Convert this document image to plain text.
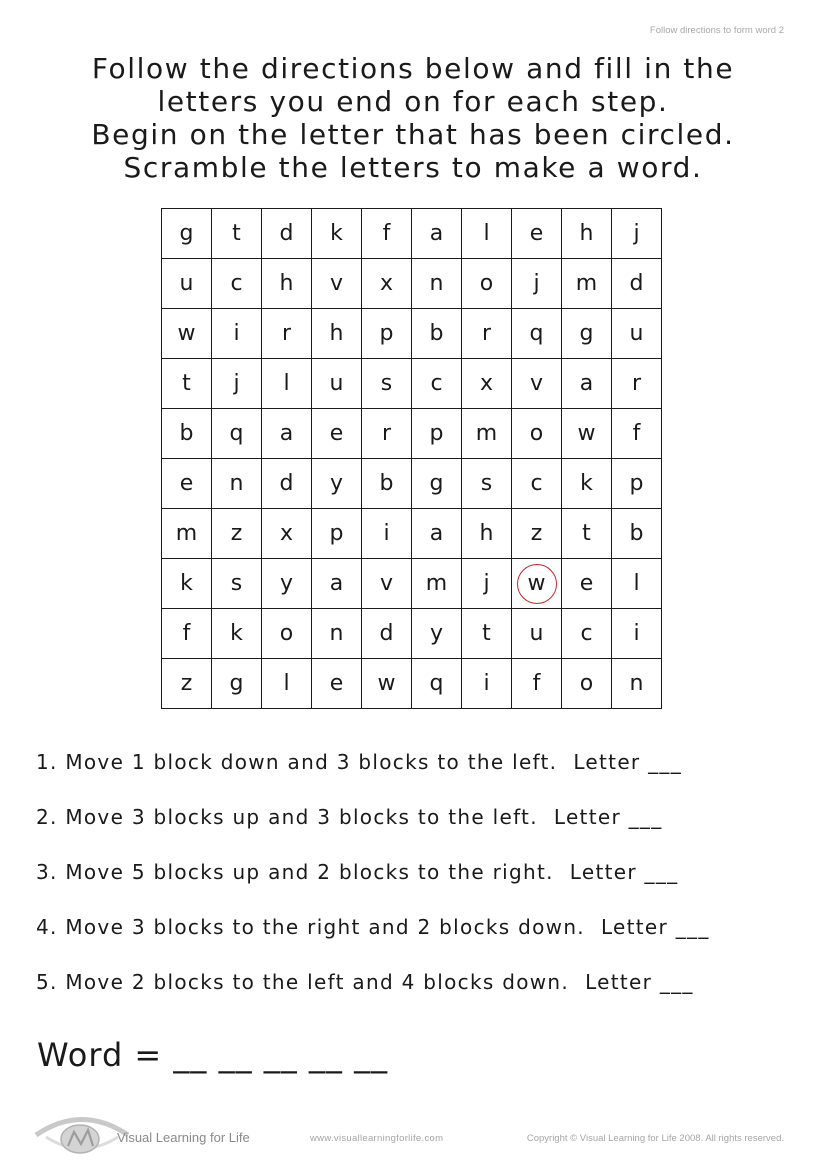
Follow directions to form word 2
Follow the directions below and fill in the
letters you end on for each step.
Begin on the letter that has been circled.
Scramble the letters to make a word.
g	t	d	k	f	a	l	e	h	j
u	c	h	v	x	n	o	j	m	d
w	i	r	h	p	b	r	q	g	u
t	j	l	u	s	c	x	v	a	r
b	q	a	e	r	p	m	o	w	f
e	n	d	y	b	g	s	c	k	p
m	z	x	p	i	a	h	z	t	b
k	s	y	a	v	m	j	w	e	l
f	k	o	n	d	y	t	u	c	i
z	g	l	e	w	q	i	f	o	n
1. Move 1 block down and 3 blocks to the left. Letter ___
2. Move 3 blocks up and 3 blocks to the left. Letter ___
3. Move 5 blocks up and 2 blocks to the right. Letter ___
4. Move 3 blocks to the right and 2 blocks down. Letter ___
5. Move 2 blocks to the left and 4 blocks down. Letter ___
Word = __ __ __ __ __
Visual Learning for Life	www.visuallearningforlife.com	Copyright © Visual Learning for Life 2008. All rights reserved.
